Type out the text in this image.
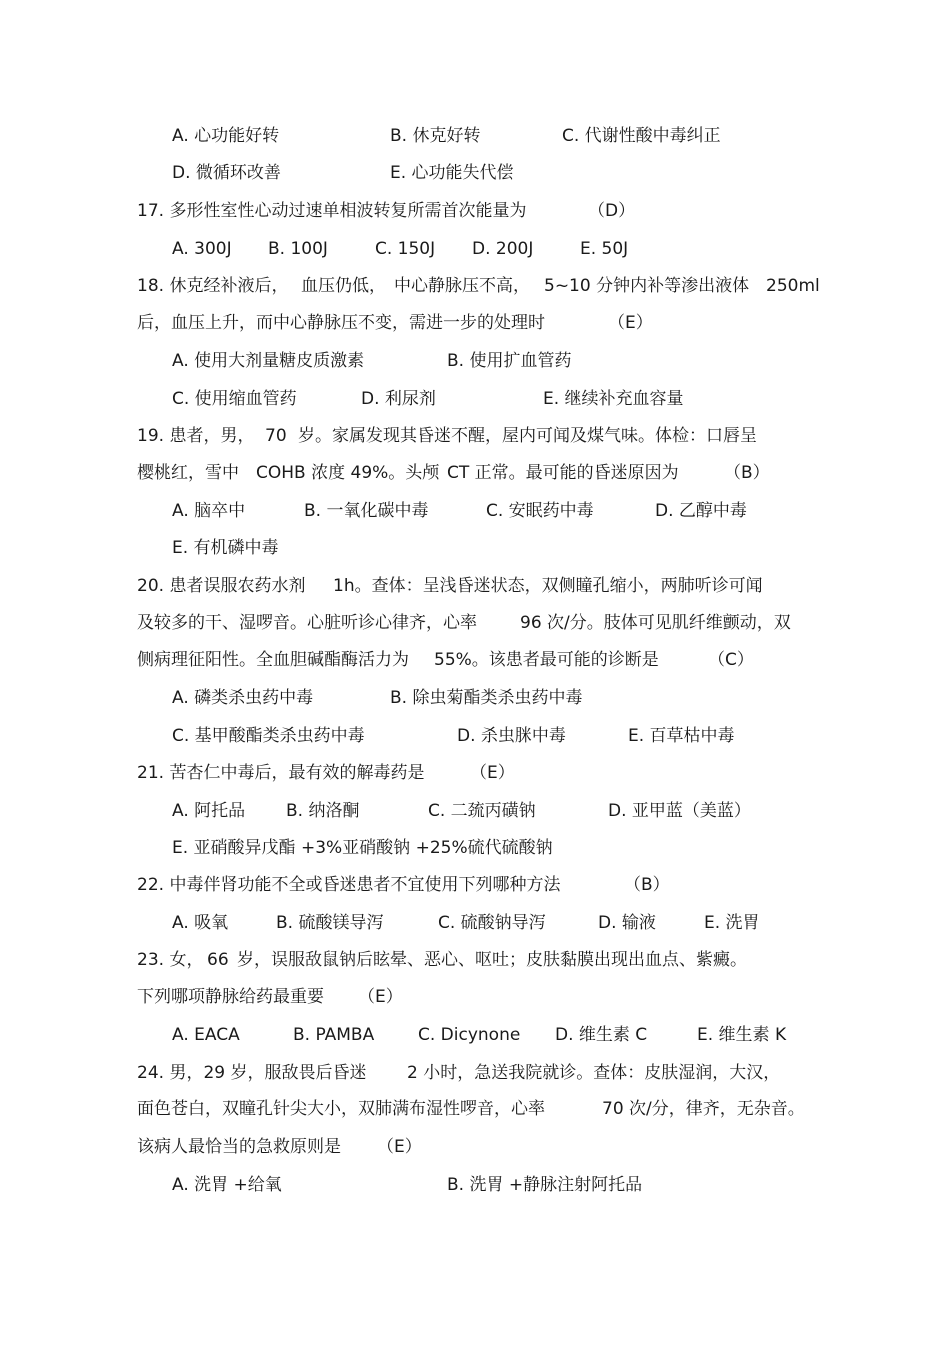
A. 心功能好转	B. 休克好转	C. 代谢性酸中毒纠正
D. 微循环改善	E. 心功能失代偿
17. 多形性室性心动过速单相波转复所需首次能量为	（D）
A. 300J B. 100J	C. 150J D. 200J	E. 50J
18. 休克经补液后， 血压仍低， 中心静脉压不高， 5~10 分钟内补等渗出液体 250ml
后，血压上升，而中心静脉压不变，需进一步的处理时	（E）
A. 使用大剂量糖皮质激素	B. 使用扩血管药
C. 使用缩血管药	D. 利尿剂	E. 继续补充血容量
19. 患者，男， 70 岁。家属发现其昏迷不醒，屋内可闻及煤气味。体检：口唇呈
樱桃红，雪中 COHB 浓度 49%。头颅 CT 正常。最可能的昏迷原因为	（B）
A. 脑卒中	B. 一氧化碳中毒	C. 安眠药中毒	D. 乙醇中毒
E. 有机磷中毒
20. 患者误服农药水剂 1h。查体：呈浅昏迷状态，双侧瞳孔缩小，两肺听诊可闻
及较多的干、湿啰音。心脏听诊心律齐，心率	96 次/分。肢体可见肌纤维颤动，双
侧病理征阳性。全血胆碱酯酶活力为 55%。该患者最可能的诊断是	（C）
A. 磷类杀虫药中毒	B. 除虫菊酯类杀虫药中毒
C. 基甲酸酯类杀虫药中毒	D. 杀虫脒中毒	E. 百草枯中毒
21. 苦杏仁中毒后，最有效的解毒药是	（E）
A. 阿托品 B. 纳洛酮	C. 二巯丙磺钠	D. 亚甲蓝（美蓝）
E. 亚硝酸异戊酯 +3%亚硝酸钠 +25%硫代硫酸钠
22. 中毒伴肾功能不全或昏迷患者不宜使用下列哪种方法	（B）
A. 吸氧	B. 硫酸镁导泻	C. 硫酸钠导泻	D. 输液	E. 洗胃
23. 女， 66 岁，误服敌鼠钠后眩晕、恶心、呕吐；皮肤黏膜出现出血点、紫癜。
下列哪项静脉给药最重要 （E）
A. EACA	B. PAMBA	C. Dicynone D. 维生素 C	E. 维生素 K
24. 男，29 岁，服敌畏后昏迷 2 小时，急送我院就诊。查体：皮肤湿润，大汉，
面色苍白，双瞳孔针尖大小，双肺满布湿性啰音，心率	70 次/分，律齐，无杂音。
该病人最恰当的急救原则是 （E）
A. 洗胃 +给氧	B. 洗胃 +静脉注射阿托品
